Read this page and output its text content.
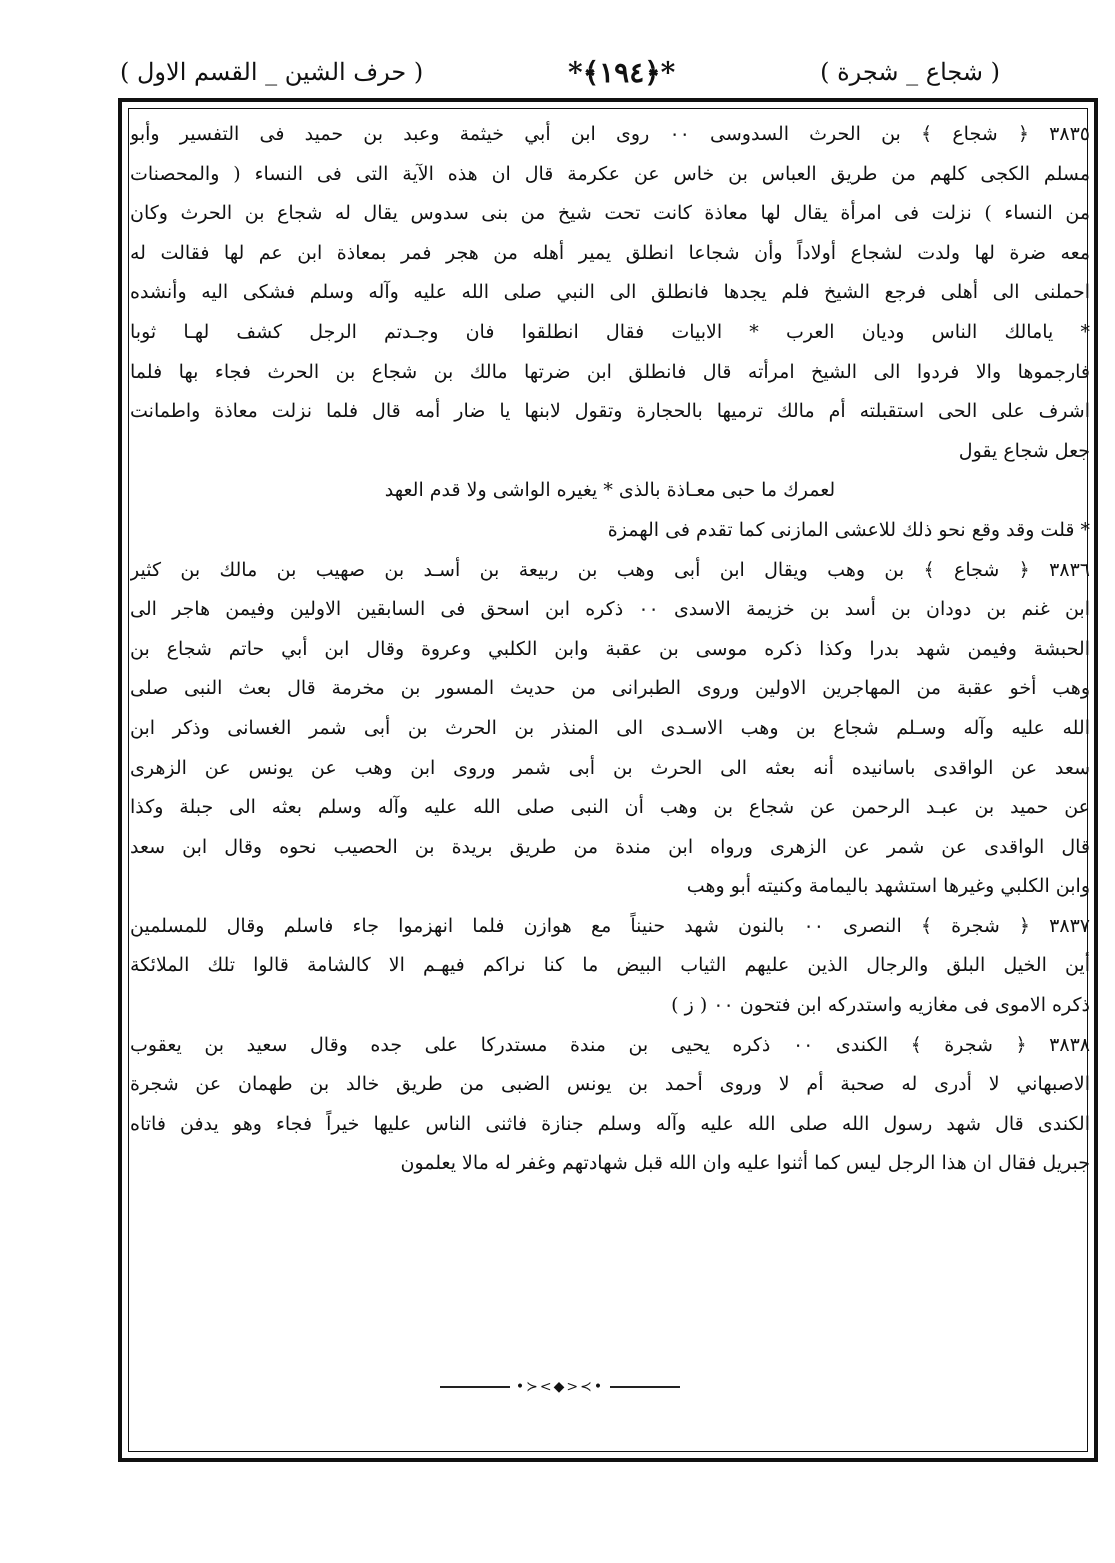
( حرف الشين _ القسم الاول )	*﴿١٩٤﴾*	( شجاع _ شجرة )
٣٨٣٥ ﴿ شجاع ﴾ بن الحرث السدوسى ٠٠ روى ابن أبي خيثمة وعبد بن حميد فى التفسير وأبو
مسلم الكجى كلهم من طريق العباس بن خاس عن عكرمة قال ان هذه الآية التى فى النساء ( والمحصنات
من النساء ) نزلت فى امرأة يقال لها معاذة كانت تحت شيخ من بنى سدوس يقال له شجاع بن الحرث وكان
معه ضرة لها ولدت لشجاع أولاداً وأن شجاعا انطلق يمير أهله من هجر فمر بمعاذة ابن عم لها فقالت له
احملنى الى أهلى فرجع الشيخ فلم يجدها فانطلق الى النبي صلى الله عليه وآله وسلم فشكى اليه وأنشده
* يامالك الناس وديان العرب * الابيات فقال انطلقوا فان وجـدتم الرجل كشف لهـا ثوبا
فارجموها والا فردوا الى الشيخ امرأته قال فانطلق ابن ضرتها مالك بن شجاع بن الحرث فجاء بها فلما
اشرف على الحى استقبلته أم مالك ترميها بالحجارة وتقول لابنها يا ضار أمه قال فلما نزلت معاذة واطمانت
جعل شجاع يقول
لعمرك ما حبى معـاذة بالذى * يغيره الواشى ولا قدم العهد
* قلت وقد وقع نحو ذلك للاعشى المازنى كما تقدم فى الهمزة
٣٨٣٦ ﴿ شجاع ﴾ بن وهب ويقال ابن أبى وهب بن ربيعة بن أسـد بن صهيب بن مالك بن كثير
ابن غنم بن دودان بن أسد بن خزيمة الاسدى ٠٠ ذكره ابن اسحق فى السابقين الاولين وفيمن هاجر الى
الحبشة وفيمن شهد بدرا وكذا ذكره موسى بن عقبة وابن الكلبي وعروة وقال ابن أبي حاتم شجاع بن
وهب أخو عقبة من المهاجرين الاولين وروى الطبرانى من حديث المسور بن مخرمة قال بعث النبى صلى
الله عليه وآله وسـلم شجاع بن وهب الاسـدى الى المنذر بن الحرث بن أبى شمر الغسانى وذكر ابن
سعد عن الواقدى باسانيده أنه بعثه الى الحرث بن أبى شمر وروى ابن وهب عن يونس عن الزهرى
عن حميد بن عبـد الرحمن عن شجاع بن وهب أن النبى صلى الله عليه وآله وسلم بعثه الى جبلة وكذا
قال الواقدى عن شمر عن الزهرى ورواه ابن مندة من طريق بريدة بن الحصيب نحوه وقال ابن سعد
وابن الكلبي وغيرها استشهد باليمامة وكنيته أبو وهب
٣٨٣٧ ﴿ شجرة ﴾ النصرى ٠٠ بالنون شهد حنيناً مع هوازن فلما انهزموا جاء فاسلم وقال للمسلمين
أين الخيل البلق والرجال الذين عليهم الثياب البيض ما كنا نراكم فيهـم الا كالشامة قالوا تلك الملائكة
ذكره الاموى فى مغازيه واستدركه ابن فتحون ٠٠ ( ز )
٣٨٣٨ ﴿ شجرة ﴾ الكندى ٠٠ ذكره يحيى بن مندة مستدركا على جده وقال سعيد بن يعقوب
الاصبهاني لا أدرى له صحبة أم لا وروى أحمد بن يونس الضبى من طريق خالد بن طهمان عن شجرة
الكندى قال شهد رسول الله صلى الله عليه وآله وسلم جنازة فاثنى الناس عليها خيراً فجاء وهو يدفن فاتاه
جبريل فقال ان هذا الرجل ليس كما أثنوا عليه وان الله قبل شهادتهم وغفر له مالا يعلمون
•≻<◆>≺•
